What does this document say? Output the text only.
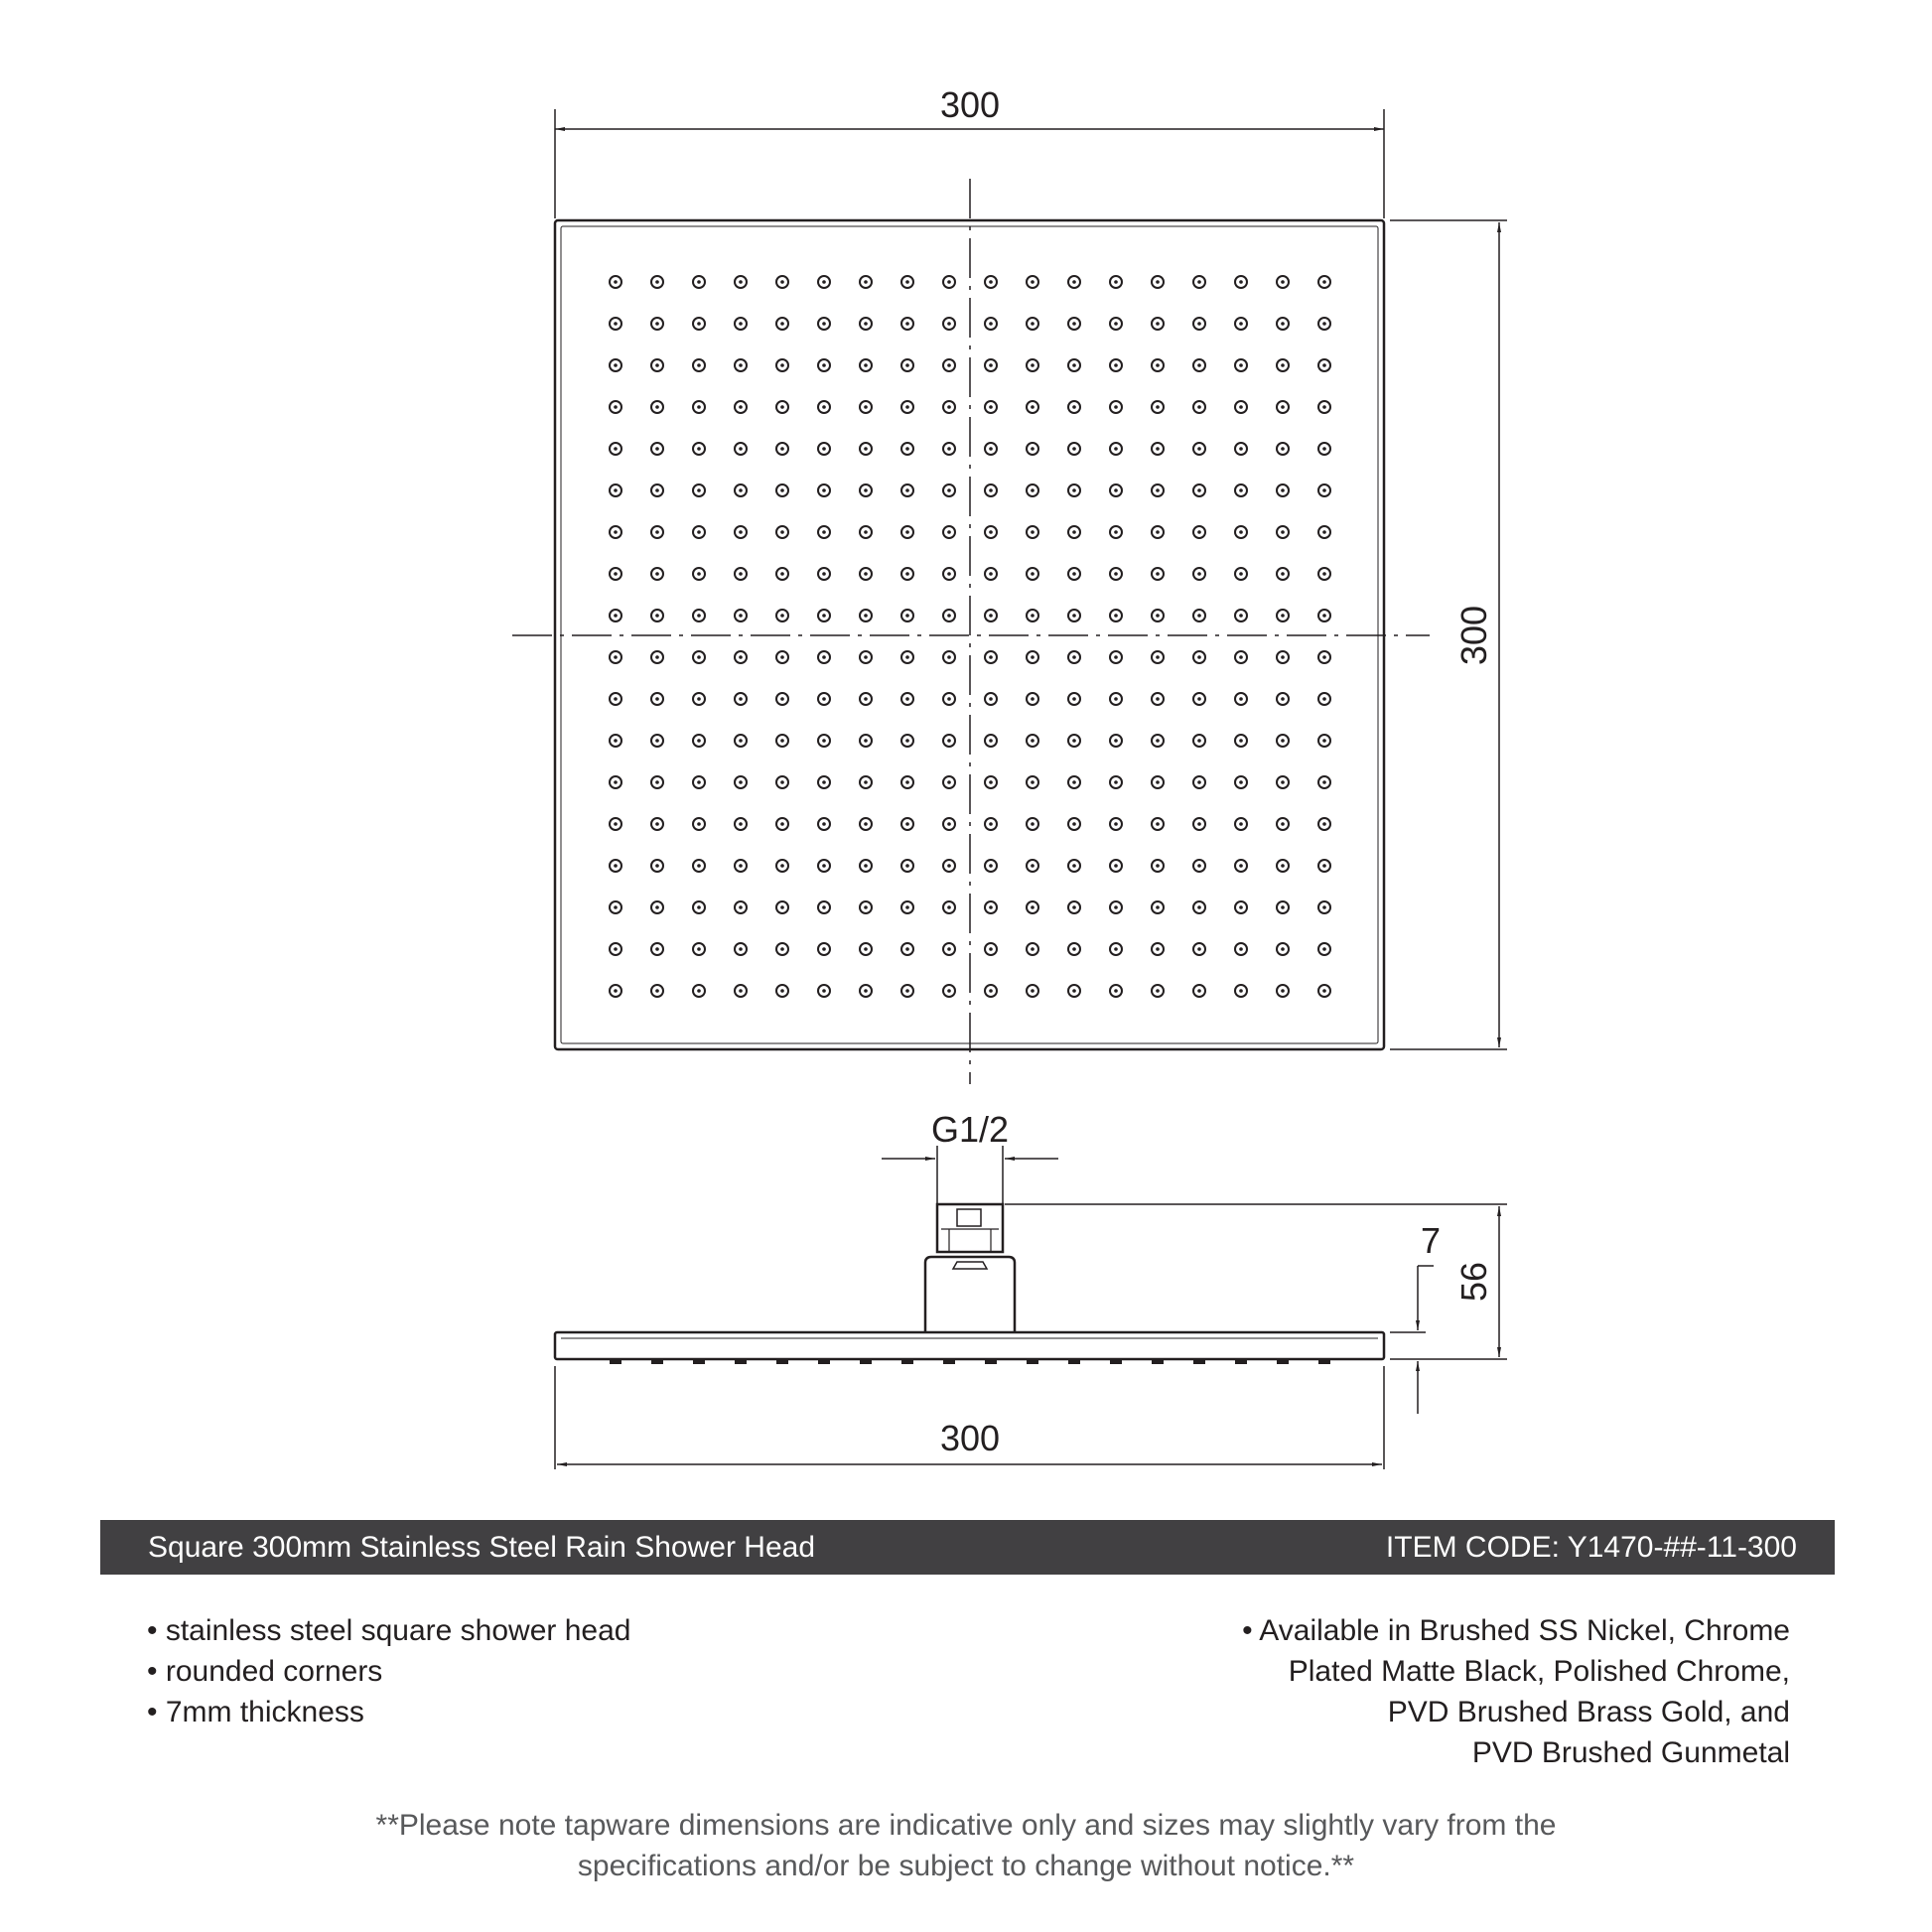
300
300
G1/2
7
56
300
Square 300mm Stainless Steel Rain Shower Head	ITEM CODE: Y1470-##-11-300
• stainless steel square shower head
• rounded corners
• 7mm thickness
• Available in Brushed SS Nickel, Chrome
Plated Matte Black, Polished Chrome,
PVD Brushed Brass Gold, and
PVD Brushed Gunmetal
**Please note tapware dimensions are indicative only and sizes may slightly vary from the
specifications and/or be subject to change without notice.**
